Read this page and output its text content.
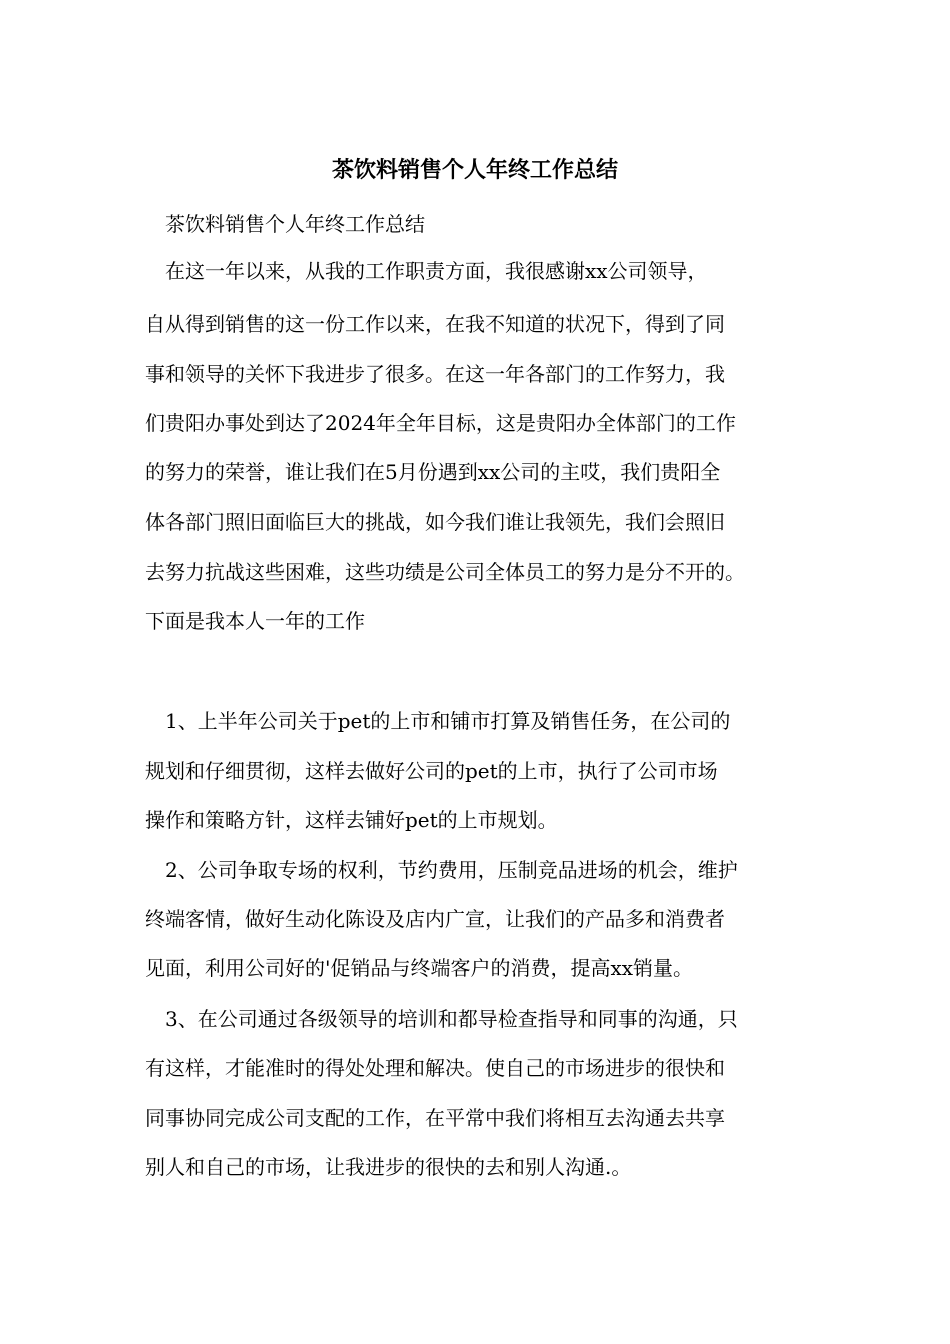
茶饮料销售个人年终工作总结
茶饮料销售个人年终工作总结
　在这一年以来，从我的工作职责方面，我很感谢xx公司领导，
自从得到销售的这一份工作以来，在我不知道的状况下，得到了同
事和领导的关怀下我进步了很多。在这一年各部门的工作努力，我
们贵阳办事处到达了2024年全年目标，这是贵阳办全体部门的工作
的努力的荣誉，谁让我们在5月份遇到xx公司的主哎，我们贵阳全
体各部门照旧面临巨大的挑战，如今我们谁让我领先，我们会照旧
去努力抗战这些困难，这些功绩是公司全体员工的努力是分不开的。
下面是我本人一年的工作
　1、上半年公司关于pet的上市和铺市打算及销售任务，在公司的
规划和仔细贯彻，这样去做好公司的pet的上市，执行了公司市场
操作和策略方针，这样去铺好pet的上市规划。
　2、公司争取专场的权利，节约费用，压制竞品进场的机会，维护
终端客情，做好生动化陈设及店内广宣，让我们的产品多和消费者
见面，利用公司好的'促销品与终端客户的消费，提高xx销量。
　3、在公司通过各级领导的培训和都导检查指导和同事的沟通，只
有这样，才能准时的得处处理和解决。使自己的市场进步的很快和
同事协同完成公司支配的工作，在平常中我们将相互去沟通去共享
别人和自己的市场，让我进步的很快的去和别人沟通.。
